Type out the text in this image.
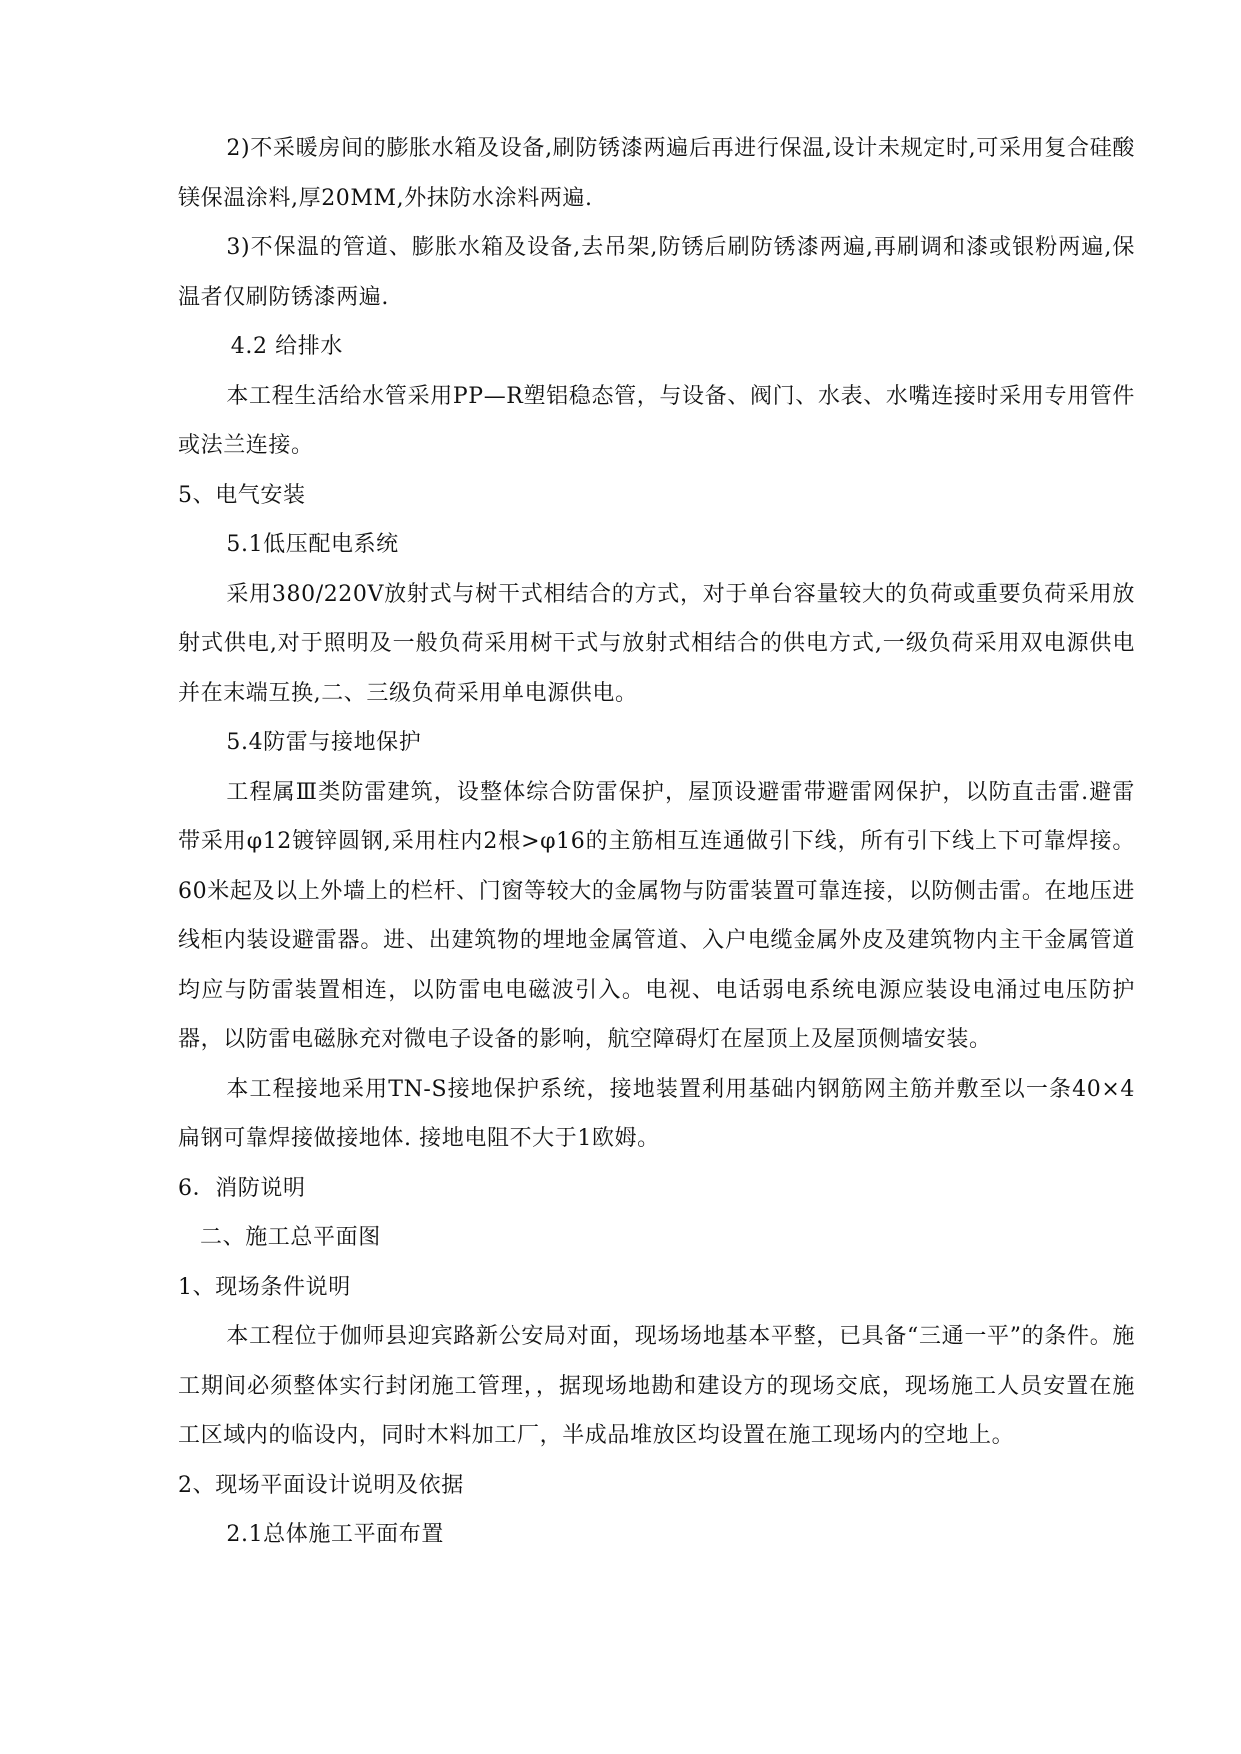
2)不采暖房间的膨胀水箱及设备,刷防锈漆两遍后再进行保温,设计未规定时,可采用复合硅酸镁保温涂料,厚20MM,外抹防水涂料两遍.

3)不保温的管道、膨胀水箱及设备,去吊架,防锈后刷防锈漆两遍,再刷调和漆或银粉两遍,保温者仅刷防锈漆两遍.

4.2 给排水

本工程生活给水管采用PP—R塑铝稳态管，与设备、阀门、水表、水嘴连接时采用专用管件或法兰连接。

5、电气安装

5.1低压配电系统

采用380/220V放射式与树干式相结合的方式，对于单台容量较大的负荷或重要负荷采用放射式供电,对于照明及一般负荷采用树干式与放射式相结合的供电方式,一级负荷采用双电源供电并在末端互换,二、三级负荷采用单电源供电。

5.4防雷与接地保护

工程属Ⅲ类防雷建筑，设整体综合防雷保护，屋顶设避雷带避雷网保护，以防直击雷.避雷带采用φ12镀锌圆钢,采用柱内2根>φ16的主筋相互连通做引下线，所有引下线上下可靠焊接。60米起及以上外墙上的栏杆、门窗等较大的金属物与防雷装置可靠连接，以防侧击雷。在地压进线柜内装设避雷器。进、出建筑物的埋地金属管道、入户电缆金属外皮及建筑物内主干金属管道均应与防雷装置相连，以防雷电电磁波引入。电视、电话弱电系统电源应装设电涌过电压防护器，以防雷电磁脉充对微电子设备的影响，航空障碍灯在屋顶上及屋顶侧墙安装。

本工程接地采用TN-S接地保护系统，接地装置利用基础内钢筋网主筋并敷至以一条40×4扁钢可靠焊接做接地体. 接地电阻不大于1欧姆。

6．消防说明

二、施工总平面图

1、现场条件说明

本工程位于伽师县迎宾路新公安局对面，现场场地基本平整，已具备“三通一平”的条件。施工期间必须整体实行封闭施工管理，，据现场地勘和建设方的现场交底，现场施工人员安置在施工区域内的临设内，同时木料加工厂，半成品堆放区均设置在施工现场内的空地上。

2、现场平面设计说明及依据

2.1总体施工平面布置
